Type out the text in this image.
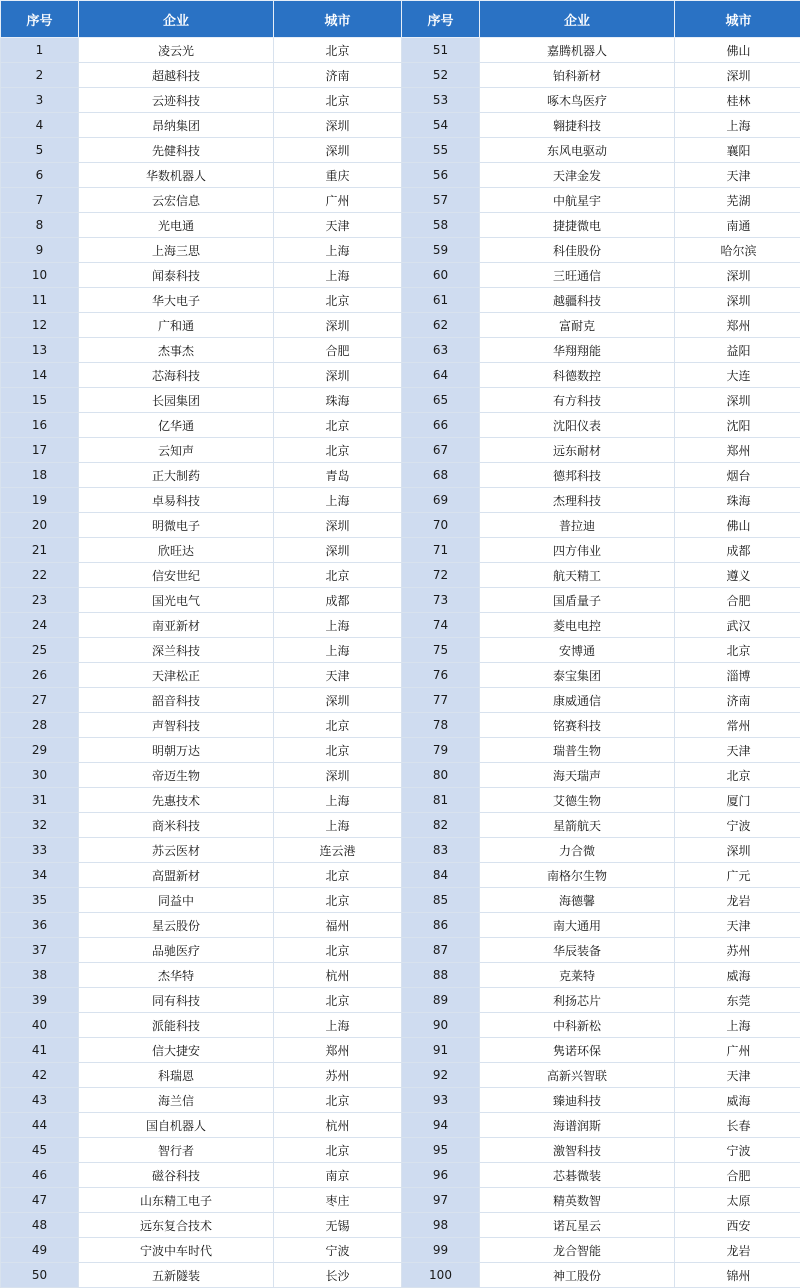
序号	企业	城市	序号	企业	城市
1	凌云光	北京	51	嘉腾机器人	佛山
2	超越科技	济南	52	铂科新材	深圳
3	云迹科技	北京	53	啄木鸟医疗	桂林
4	昂纳集团	深圳	54	翱捷科技	上海
5	先健科技	深圳	55	东风电驱动	襄阳
6	华数机器人	重庆	56	天津金发	天津
7	云宏信息	广州	57	中航星宇	芜湖
8	光电通	天津	58	捷捷微电	南通
9	上海三思	上海	59	科佳股份	哈尔滨
10	闻泰科技	上海	60	三旺通信	深圳
11	华大电子	北京	61	越疆科技	深圳
12	广和通	深圳	62	富耐克	郑州
13	杰事杰	合肥	63	华翔翔能	益阳
14	芯海科技	深圳	64	科德数控	大连
15	长园集团	珠海	65	有方科技	深圳
16	亿华通	北京	66	沈阳仪表	沈阳
17	云知声	北京	67	远东耐材	郑州
18	正大制药	青岛	68	德邦科技	烟台
19	卓易科技	上海	69	杰理科技	珠海
20	明微电子	深圳	70	普拉迪	佛山
21	欣旺达	深圳	71	四方伟业	成都
22	信安世纪	北京	72	航天精工	遵义
23	国光电气	成都	73	国盾量子	合肥
24	南亚新材	上海	74	菱电电控	武汉
25	深兰科技	上海	75	安博通	北京
26	天津松正	天津	76	泰宝集团	淄博
27	韶音科技	深圳	77	康威通信	济南
28	声智科技	北京	78	铭赛科技	常州
29	明朝万达	北京	79	瑞普生物	天津
30	帝迈生物	深圳	80	海天瑞声	北京
31	先惠技术	上海	81	艾德生物	厦门
32	商米科技	上海	82	星箭航天	宁波
33	苏云医材	连云港	83	力合微	深圳
34	高盟新材	北京	84	南格尔生物	广元
35	同益中	北京	85	海德馨	龙岩
36	星云股份	福州	86	南大通用	天津
37	品驰医疗	北京	87	华辰装备	苏州
38	杰华特	杭州	88	克莱特	威海
39	同有科技	北京	89	利扬芯片	东莞
40	派能科技	上海	90	中科新松	上海
41	信大捷安	郑州	91	隽诺环保	广州
42	科瑞恩	苏州	92	高新兴智联	天津
43	海兰信	北京	93	臻迪科技	威海
44	国自机器人	杭州	94	海谱润斯	长春
45	智行者	北京	95	激智科技	宁波
46	磁谷科技	南京	96	芯碁微装	合肥
47	山东精工电子	枣庄	97	精英数智	太原
48	远东复合技术	无锡	98	诺瓦星云	西安
49	宁波中车时代	宁波	99	龙合智能	龙岩
50	五新隧装	长沙	100	神工股份	锦州
